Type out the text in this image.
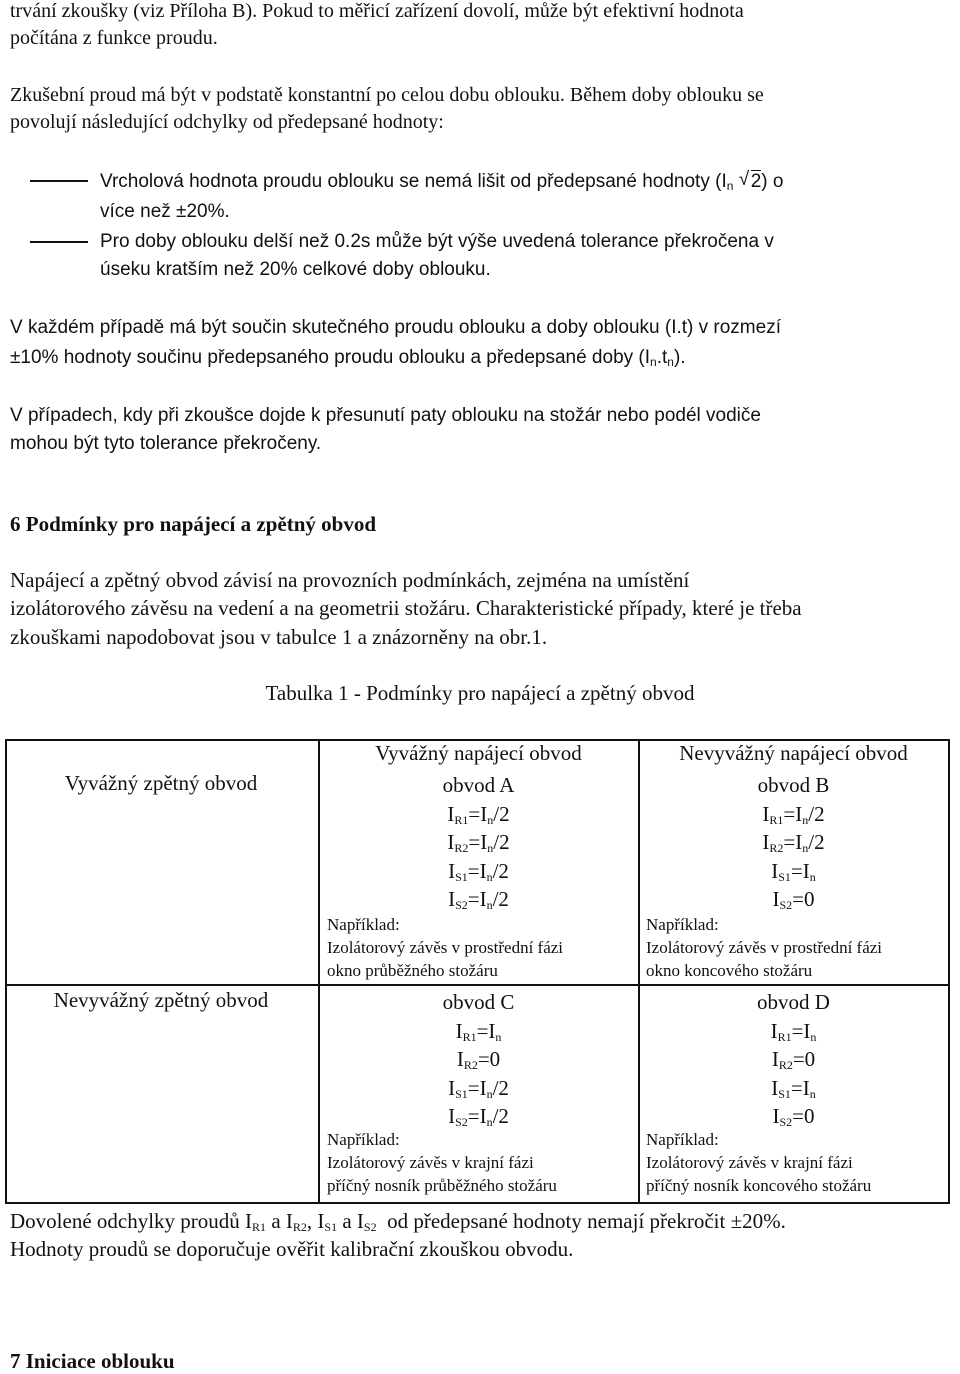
trvání zkoušky (viz Příloha B). Pokud to měřicí zařízení dovolí, může být efektivní hodnota

počítána z funkce proudu.

Zkušební proud má být v podstatě konstantní po celou dobu oblouku. Během doby oblouku se

povolují následující odchylky od předepsané hodnoty:

Vrcholová hodnota proudu oblouku se nemá lišit od předepsané hodnoty ($I_n$ √ 2) o
více než ±20%.
Pro doby oblouku delší než 0.2s může být výše uvedená tolerance překročena v
úseku kratším než 20% celkové doby oblouku.

V každém případě má být součin skutečného proudu oblouku a doby oblouku (I.t) v rozmezí

±10% hodnoty součinu předepsaného proudu oblouku a předepsané doby $(I_n.t_n)$.

V případech, kdy při zkoušce dojde k přesunutí paty oblouku na stožár nebo podél vodiče

mohou být tyto tolerance překročeny.

6 Podmínky pro napájecí a zpětný obvod

Napájecí a zpětný obvod závisí na provozních podmínkách, zejména na umístění

izolátorového závěsu na vedení a na geometrii stožáru. Charakteristické případy, které je třeba

zkouškami napodobovat jsou v tabulce 1 a znázorněny na obr.1.

Tabulka 1 - Podmínky pro napájecí a zpětný obvod
Vyvážný napájecí obvod	Nevyvážný napájecí obvod
Vyvážný zpětný obvod
Nevyvážný zpětný obvod
obvod A
$I_{R1}=I_n/2$
$I_{R2}=I_n/2$
$I_{S1}=I_n/2$
$I_{S2}=I_n/2$
obvod B
$I_{R1}=I_n/2$
$I_{R2}=I_n/2$
$I_{S1}=I_n$
$I_{S2}=0$
obvod C
$I_{R1}=I_n$
$I_{R2}=0$
$I_{S1}=I_n/2$
$I_{S2}=I_n/2$
obvod D
$I_{R1}=I_n$
$I_{R2}=0$
$I_{S1}=I_n$
$I_{S2}=0$
Například:
Izolátorový závěs v prostřední fázi
okno průběžného stožáru
Například:
Izolátorový závěs v prostřední fázi
okno koncového stožáru
Například:
Izolátorový závěs v krajní fázi
příčný nosník průběžného stožáru
Například:
Izolátorový závěs v krajní fázi
příčný nosník koncového stožáru

Dovolené odchylky proudů $I_{R1}$ a $I_{R2}$, $I_{S1}$ a $I_{S2}$  od předepsané hodnoty nemají překročit ±20%.

Hodnoty proudů se doporučuje ověřit kalibrační zkouškou obvodu.

7 Iniciace oblouku
